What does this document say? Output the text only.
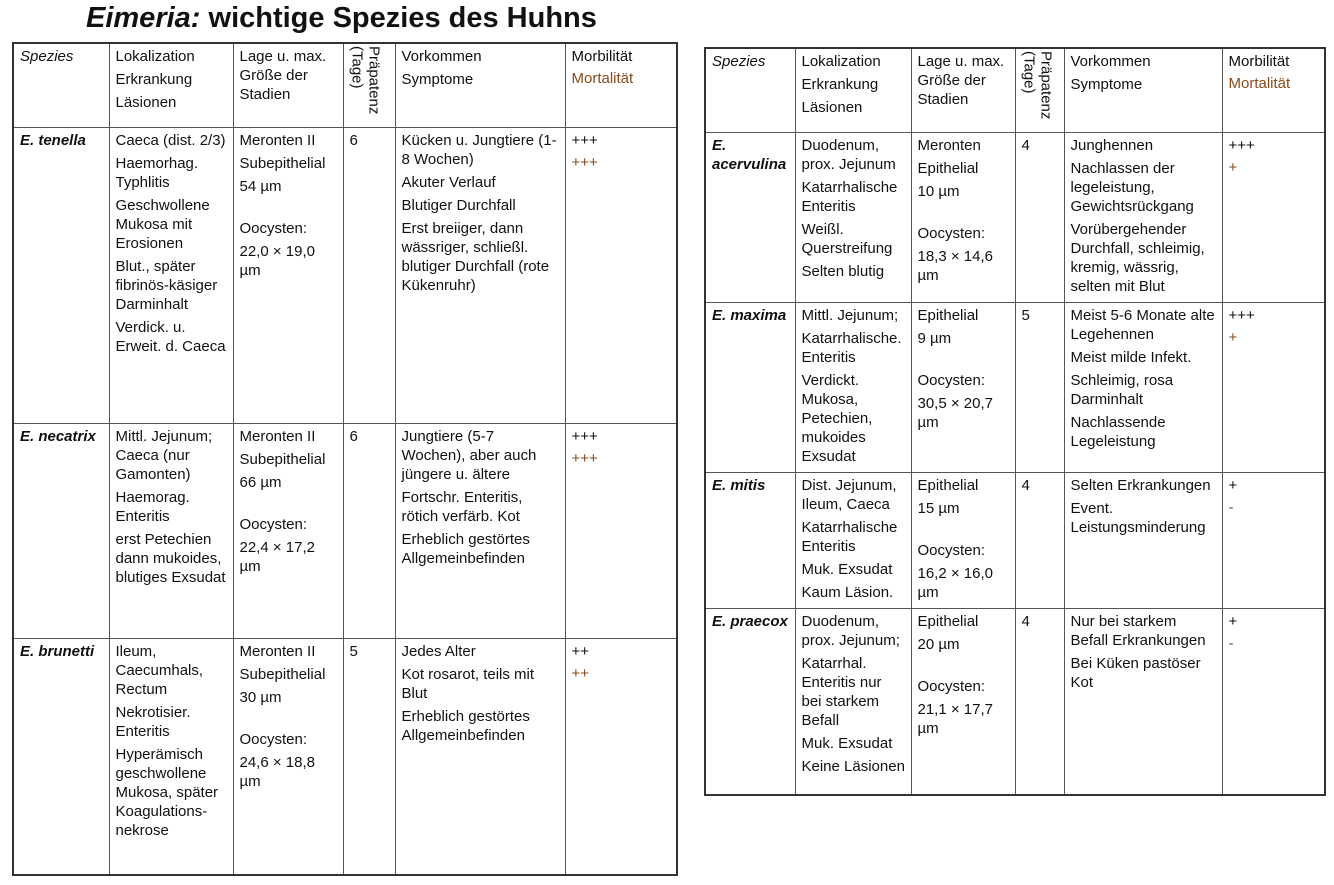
Eimeria: wichtige Spezies des Huhns
Spezies	Lokalization
Erkrankung
Läsionen	Lage u. max. Größe der Stadien	Präpatenz
(Tage)	Vorkommen
Symptome	Morbilität
Mortalität

E. tenella	Caeca (dist. 2/3)
Haemorhag. Typhlitis
Geschwollene Mukosa mit Erosionen
Blut., später fibrinös-käsiger Darminhalt
Verdick. u. Erweit. d. Caeca	Meronten II
Subepithelial
54 µm

Oocysten:
22,0 × 19,0 µm	6	Kücken u. Jungtiere (1-8 Wochen)
Akuter Verlauf
Blutiger Durchfall
Erst breiiger, dann wässriger, schließl. blutiger Durchfall (rote Kükenruhr)	+++
+++

E. necatrix	Mittl. Jejunum; Caeca (nur Gamonten)
Haemorag. Enteritis
erst Petechien dann mukoides, blutiges Exsudat	Meronten II
Subepithelial
66 µm

Oocysten:
22,4 × 17,2 µm	6	Jungtiere (5-7 Wochen), aber auch jüngere u. ältere
Fortschr. Enteritis, rötich verfärb. Kot
Erheblich gestörtes Allgemeinbefinden	+++
+++

E. brunetti	Ileum, Caecumhals, Rectum
Nekrotisier. Enteritis
Hyperämisch geschwollene Mukosa, später Koagulations-nekrose	Meronten II
Subepithelial
30 µm

Oocysten:
24,6 × 18,8 µm	5	Jedes Alter
Kot rosarot, teils mit Blut
Erheblich gestörtes Allgemeinbefinden	++
++
Spezies	Lokalization
Erkrankung
Läsionen	Lage u. max. Größe der Stadien	Präpatenz
(Tage)	Vorkommen
Symptome	Morbilität
Mortalität

E. acervulina	Duodenum, prox. Jejunum
Katarrhalische Enteritis
Weißl. Querstreifung
Selten blutig	Meronten
Epithelial
10 µm

Oocysten:
18,3 × 14,6 µm	4	Junghennen
Nachlassen der legeleistung, Gewichtsrückgang
Vorübergehender Durchfall, schleimig, kremig, wässrig, selten mit Blut	+++
+

E. maxima	Mittl. Jejunum;
Katarrhalische. Enteritis
Verdickt. Mukosa, Petechien, mukoides Exsudat	Epithelial
9 µm

Oocysten:
30,5 × 20,7 µm	5	Meist 5-6 Monate alte Legehennen
Meist milde Infekt.
Schleimig, rosa Darminhalt
Nachlassende Legeleistung	+++
+

E. mitis	Dist. Jejunum, Ileum, Caeca
Katarrhalische Enteritis
Muk. Exsudat
Kaum Läsion.	Epithelial
15 µm

Oocysten:
16,2 × 16,0 µm	4	Selten Erkrankungen
Event. Leistungsminderung	+
-

E. praecox	Duodenum, prox. Jejunum;
Katarrhal. Enteritis nur bei starkem Befall
Muk. Exsudat
Keine Läsionen	Epithelial
20 µm

Oocysten:
21,1 × 17,7 µm	4	Nur bei starkem Befall Erkrankungen
Bei Küken pastöser Kot	+
-
